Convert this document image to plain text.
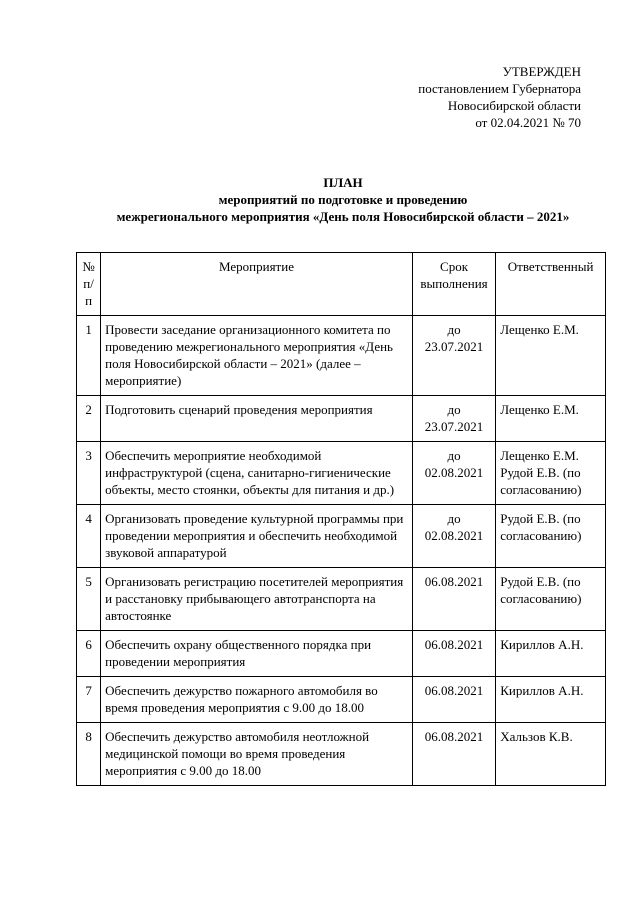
УТВЕРЖДЕН
постановлением Губернатора
Новосибирской области
от 02.04.2021 № 70
ПЛАН
мероприятий по подготовке и проведению
межрегионального мероприятия «День поля Новосибирской области – 2021»
№ п/п	Мероприятие	Срок выполнения	Ответственный
1	Провести заседание организационного комитета по проведению межрегионального мероприятия «День поля Новосибирской области – 2021» (далее – мероприятие)	до 23.07.2021	Лещенко Е.М.
2	Подготовить сценарий проведения мероприятия	до 23.07.2021	Лещенко Е.М.
3	Обеспечить мероприятие необходимой инфраструктурой (сцена, санитарно-гигиенические объекты, место стоянки, объекты для питания и др.)	до 02.08.2021	Лещенко Е.М. Рудой Е.В. (по согласованию)
4	Организовать проведение культурной программы при проведении мероприятия и обеспечить необходимой звуковой аппаратурой	до 02.08.2021	Рудой Е.В. (по согласованию)
5	Организовать регистрацию посетителей мероприятия и расстановку прибывающего автотранспорта на автостоянке	06.08.2021	Рудой Е.В. (по согласованию)
6	Обеспечить охрану общественного порядка при проведении мероприятия	06.08.2021	Кириллов А.Н.
7	Обеспечить дежурство пожарного автомобиля во время проведения мероприятия с 9.00 до 18.00	06.08.2021	Кириллов А.Н.
8	Обеспечить дежурство автомобиля неотложной медицинской помощи во время проведения мероприятия с 9.00 до 18.00	06.08.2021	Хальзов К.В.
